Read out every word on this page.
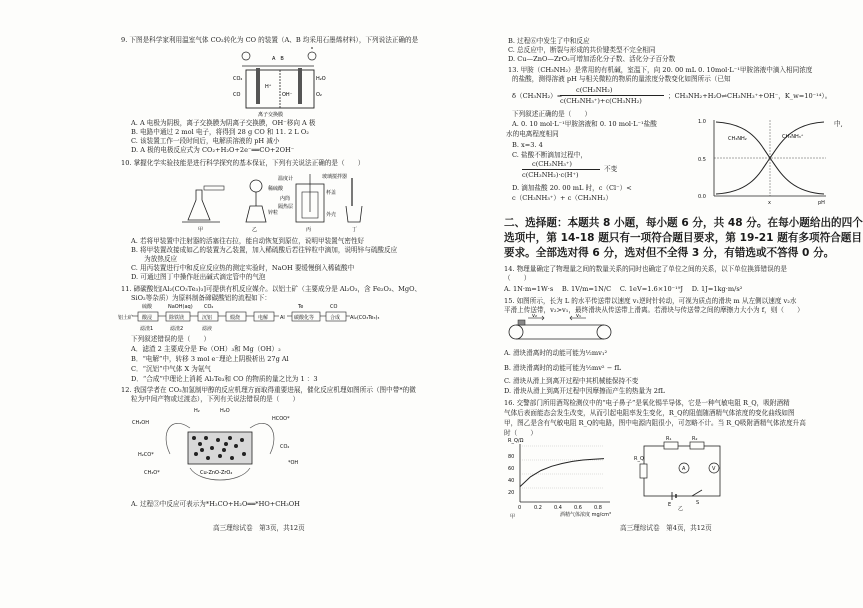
9. 下图是科学家利用温室气体 CO₂转化为 CO 的装置（A、B 均采用石墨烯材料），下列说法正确的是
A　B
CO₂
CO
H⁺
OH⁻
H₂O
O₂
离子交换膜
A. A 电极为阴极，离子交换膜为阴离子交换膜，OH⁻移向 A 极
B. 电路中通过 2 mol 电子，将得到 28 g CO 和 11. 2 L O₂
C. 该装置工作一段时间后，电解质溶液的 pH 减小
D. A 极的电极反应式为 CO₂+H₂O+2e⁻══CO+2OH⁻
10. 掌握化学实验技能是进行科学探究的基本保证，下列有关说法正确的是（　　）
稀硫酸
锌粒
温度计	玻璃搅拌器
杯盖
内筒
隔热层
外壳
甲	乙	丙	丁
A. 若将甲装置中注射器的活塞往右拉，能自动恢复到原位，说明甲装置气密性好
B. 将甲装置改接成如乙的装置为乙装置，加入稀硫酸后若往锌粒中滴加，说明锌与硫酸反应
　　为放热反应
C. 用丙装置进行中和反应反应热的测定实验时，NaOH 要缓慢倒入稀硫酸中
D. 可通过图丁中操作赶出碱式滴定管中的气泡
11. 碲碳酸铝[Al₂(CO₃Te₃)₃]可提供有机反应媒介。以铝土矿（主要成分是 Al₂O₃，含 Fe₂O₃、MgO、
SiO₂等杂质）为原料制备碲碳酸铝的流程如下：
铝土矿 酸浸	除铁镁	沉铝	煅烧	电解 Al 碳酸化等	合成 Al₂(CO₃Te₃)₃
硫酸	NaOH(aq) CO₂	Te	CO
滤渣1	滤渣2	滤液
下列叙述错误的是（　　）
A．滤渣 2 主要成分是 Fe（OH）₃和 Mg（OH）₂
B．“电解”中，转移 3 mol e⁻理论上阴极析出 27g Al
C．“沉铝”中气体 X 为氨气
D．“合成”中理论上消耗 Al₂Te₃和 CO 的物质的量之比为 1 ：3
12. 我国学者在 CO₂加氢制甲醇的反应机理方面取得重要进展，催化反应机理如图所示（图中带*的微
粒为中间产物或过渡态），下列有关说法错误的是（　　）
Cu-ZnO-ZrO₂
H₂	H₂O
CH₃OH
HCOO*
H₂CO*
CO₂
*OH
CH₃O*
A. 过程③中反应可表示为*H₂CO+H₂O══*HO+CH₃OH
高三理综试卷　第3页，共12页
B. 过程⑥中发生了中和反应
C. 总反应中，断裂与形成的共价键类型不完全相同
D. Cu—ZnO—ZrO₂可增加活化分子数、活化分子百分数
13. 甲胺（CH₃NH₂）是常用的有机碱，室温下，向 20. 00 mL 0. 10mol·L⁻¹甲胺溶液中滴入相同浓度
的盐酸，测得溶液 pH 与相关微粒的物质的量浓度分数变化如图所示（已知
δ（CH₃NH₂）=
c(CH₃NH₂)
c(CH₃NH₃⁺)+c(CH₃NH₂)
；CH₃NH₂+H₂O⇌CH₃NH₃⁺+OH⁻，K_w=10⁻¹⁴）。
下列叙述正确的是（　　）
A. 0. 10 mol·L⁻¹甲胺溶液和 0. 10 mol·L⁻¹盐酸	中,
水的电离程度相同
B. x=3. 4
C. 盐酸不断滴加过程中，
c(CH₃NH₃⁺)
c(CH₃NH₂)·c(H⁺)
不变
D. 滴加盐酸 20. 00 mL 时，c（Cl⁻）<
c（CH₃NH₃⁺）+ c（CH₃NH₂）
1.0
0.5
0.0
x	pH
CH₃NH₂	CH₃NH₃⁺
二、选择题：本题共 8 小题，每小题 6 分，共 48 分。在每小题给出的四个
选项中，第 14-18 题只有一项符合题目要求，第 19-21 题有多项符合题目
要求。全部选对得 6 分，选对但不全得 3 分，有错选或不答得 0 分。
14. 物理量确定了物理量之间的数量关系的同时也确定了单位之间的关系，以下单位换算错误的是
（　　）
A. 1N·m=1W·s　 B. 1V/m=1N/C　 C. 1eV=1.6×10⁻¹⁹J　 D. 1J=1kg·m/s²
15. 如图所示，长为 L 的水平传送带以速度 v₁逆时针转动，可视为质点的滑块 m 从左侧以速度 v₂水
平滑上传送带，v₂>v₁，最终滑块从传送带上滑离。若滑块与传送带之间的摩擦力大小为 f，则（　　）
v₂	v₁
A. 滑块滑离时的动能可能为½mv₁²
B. 滑块滑离时的动能可能为½mv² − fL
C. 滑块从滑上到离开过程中其机械能保持不变
D. 滑块从滑上到离开过程中因摩擦而产生的热量为 2fL
16. 交警部门所用酒驾检测仪中的“电子鼻子”是氧化锡半导体，它是一种气敏电阻 R_Q，吸附酒精
气体后表面能态会发生改变，从而引起电阻率发生变化，R_Q的阻值随酒精气体浓度的变化曲线如图
甲，图乙是含有气敏电阻 R_Q的电路，图中电源内阻很小，可忽略不计。当 R_Q吸附酒精气体浓度升高
时（　　）
R_Q/Ω
80
60
40
20
0	0.2 0.4 0.6 0.8
酒精气体浓度 mg/cm³
甲
R₁	R₂
R_Q
E	S
A	V
乙
高三理综试卷　第4页，共12页
